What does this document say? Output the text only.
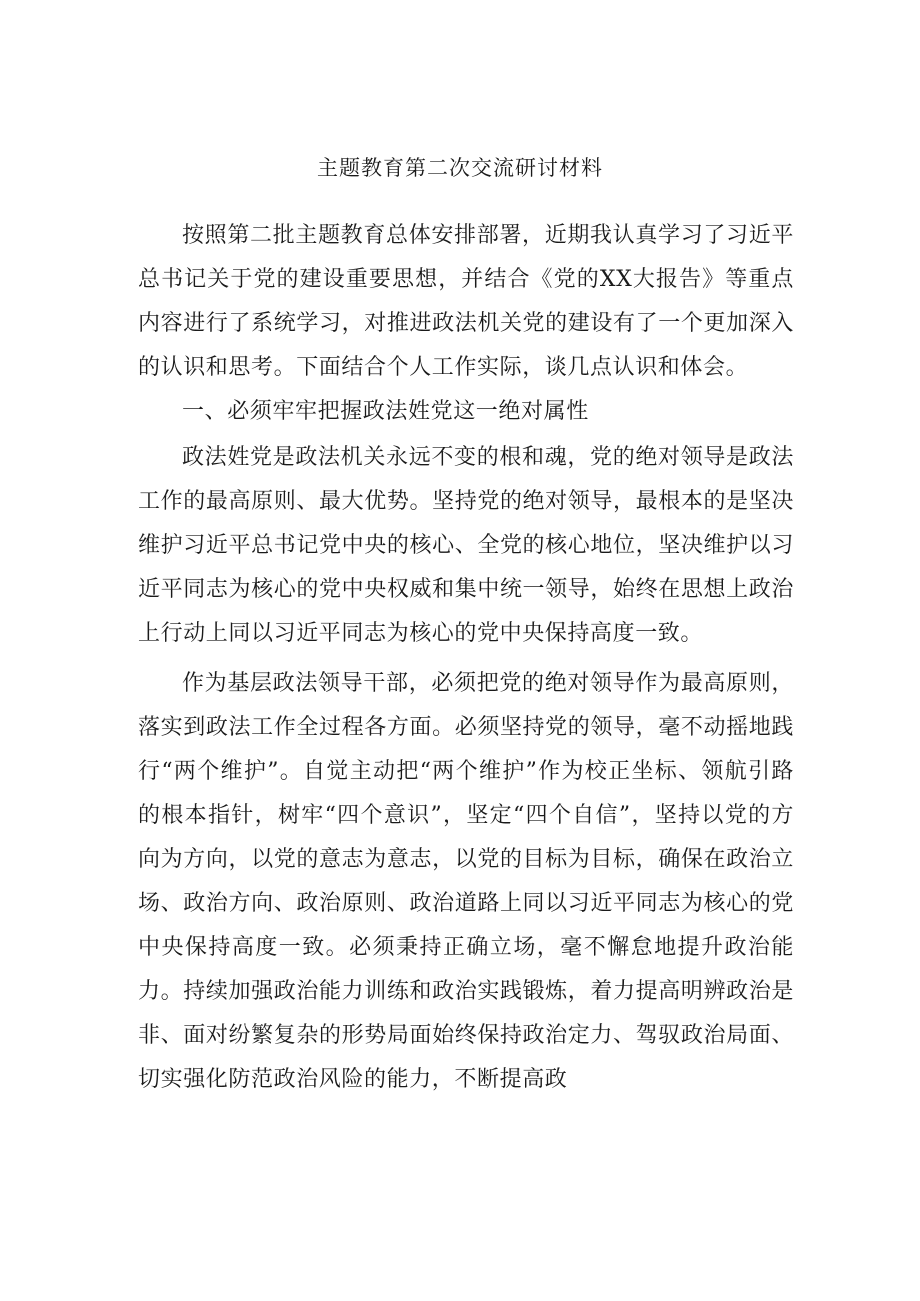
主题教育第二次交流研讨材料

按照第二批主题教育总体安排部署，近期我认真学习了习近平总书记关于党的建设重要思想，并结合《党的XX大报告》等重点内容进行了系统学习，对推进政法机关党的建设有了一个更加深入的认识和思考。下面结合个人工作实际，谈几点认识和体会。

一、必须牢牢把握政法姓党这一绝对属性

政法姓党是政法机关永远不变的根和魂，党的绝对领导是政法工作的最高原则、最大优势。坚持党的绝对领导，最根本的是坚决维护习近平总书记党中央的核心、全党的核心地位，坚决维护以习近平同志为核心的党中央权威和集中统一领导，始终在思想上政治上行动上同以习近平同志为核心的党中央保持高度一致。

作为基层政法领导干部，必须把党的绝对领导作为最高原则，落实到政法工作全过程各方面。必须坚持党的领导，毫不动摇地践行“两个维护”。自觉主动把“两个维护”作为校正坐标、领航引路的根本指针，树牢“四个意识”，坚定“四个自信”，坚持以党的方向为方向，以党的意志为意志，以党的目标为目标，确保在政治立场、政治方向、政治原则、政治道路上同以习近平同志为核心的党中央保持高度一致。必须秉持正确立场，毫不懈怠地提升政治能力。持续加强政治能力训练和政治实践锻炼，着力提高明辨政治是非、面对纷繁复杂的形势局面始终保持政治定力、驾驭政治局面、切实强化防范政治风险的能力，不断提高政
